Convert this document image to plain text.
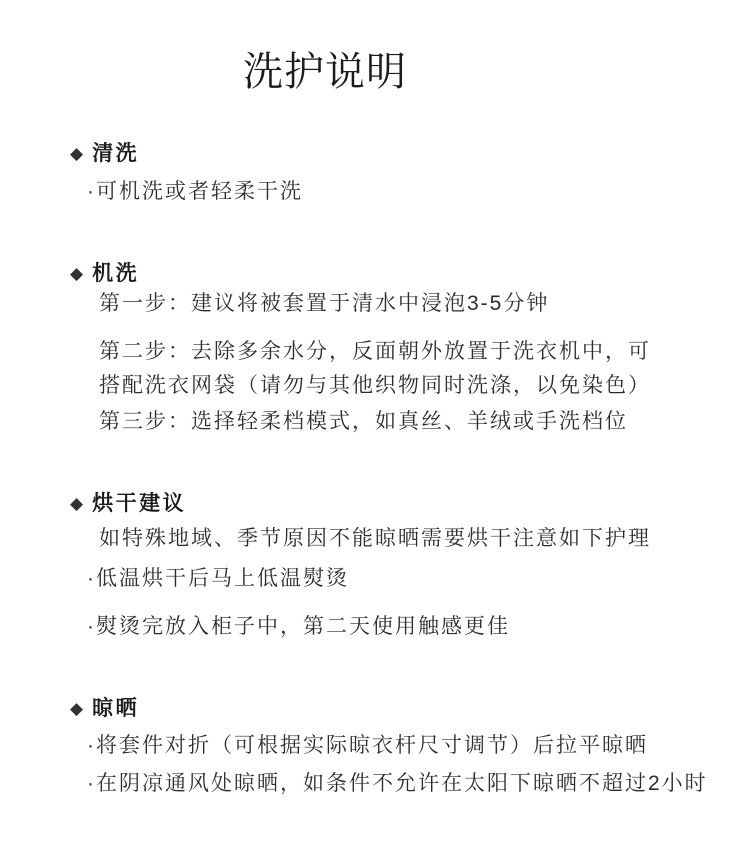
洗护说明
◆ 清洗
·可机洗或者轻柔干洗
◆ 机洗
第一步：建议将被套置于清水中浸泡3-5分钟
第二步：去除多余水分，反面朝外放置于洗衣机中，可搭配洗衣网袋（请勿与其他织物同时洗涤，以免染色）
第三步：选择轻柔档模式，如真丝、羊绒或手洗档位
◆ 烘干建议
如特殊地域、季节原因不能晾晒需要烘干注意如下护理
·低温烘干后马上低温熨烫
·熨烫完放入柜子中，第二天使用触感更佳
◆ 晾晒
·将套件对折（可根据实际晾衣杆尺寸调节）后拉平晾晒
·在阴凉通风处晾晒，如条件不允许在太阳下晾晒不超过2小时
